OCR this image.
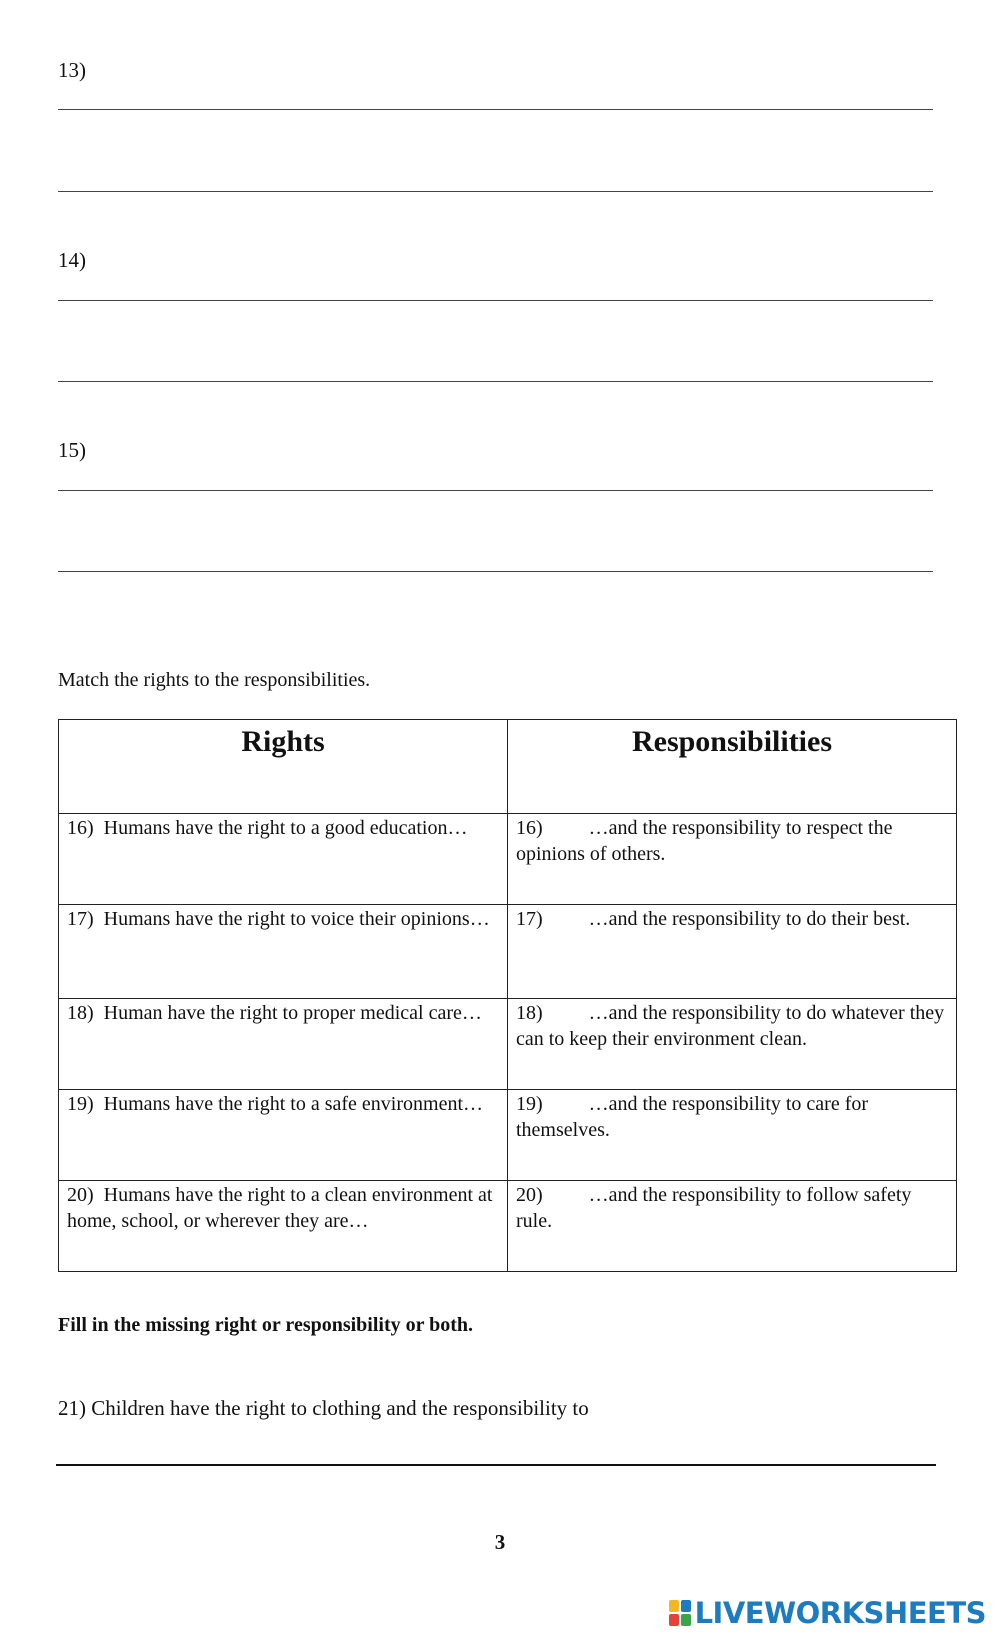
13)
14)
15)
Match the rights to the responsibilities.
Rights	Responsibilities
16) Humans have the right to a good education…	16) …and the responsibility to respect the opinions of others.
17) Humans have the right to voice their opinions…	17) …and the responsibility to do their best.
18) Human have the right to proper medical care…	18) …and the responsibility to do whatever they can to keep their environment clean.
19) Humans have the right to a safe environment…	19) …and the responsibility to care for themselves.
20) Humans have the right to a clean environment at home, school, or wherever they are…	20) …and the responsibility to follow safety rule.
Fill in the missing right or responsibility or both.
21) Children have the right to clothing and the responsibility to
3
LIVEWORKSHEETS
